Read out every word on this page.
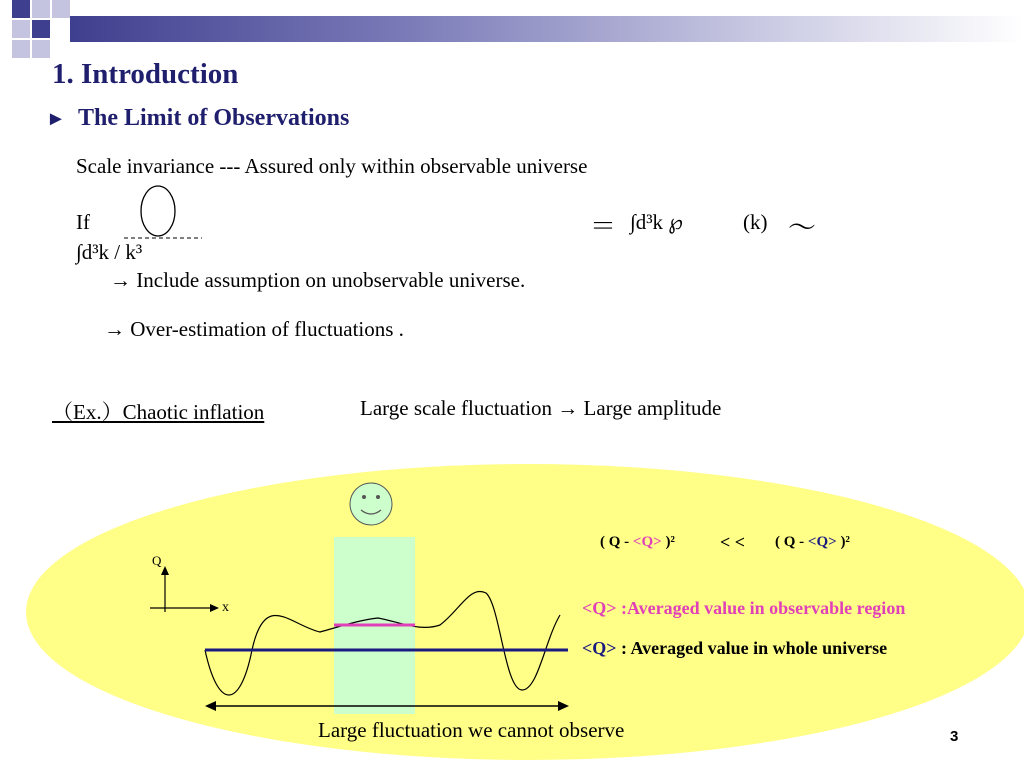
1. Introduction
► The Limit of Observations
Scale invariance --- Assured only within observable universe
If	＝ ∫d³k ℘	(k) ～
∫d³k / k³
→ Include assumption on unobservable universe.
→ Over-estimation of fluctuations .
（Ex.）Chaotic inflation	Large scale fluctuation → Large amplitude
Q
x
( Q - <Q> )²	< < ( Q - <Q> )²
<Q> :Averaged value in observable region
<Q> : Averaged value in whole universe
Large fluctuation we cannot observe	3
